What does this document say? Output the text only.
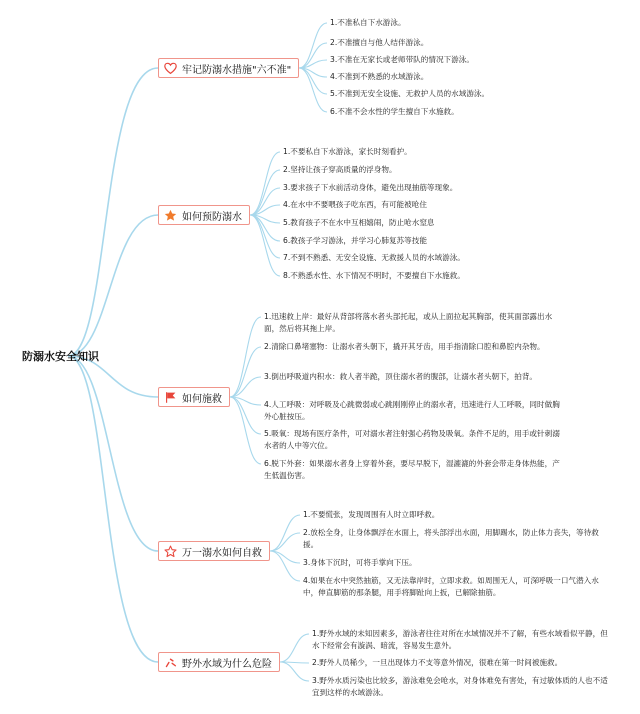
防溺水安全知识
牢记防溺水措施"六不准"
1.不准私自下水游泳。
2.不准擅自与他人结伴游泳。
3.不准在无家长或老师带队的情况下游泳。
4.不准到不熟悉的水域游泳。
5.不准到无安全设施、无救护人员的水域游泳。
6.不准不会水性的学生擅自下水施救。
如何预防溺水
1.不要私自下水游泳，家长时刻看护。
2.坚持让孩子穿高质量的浮身物。
3.要求孩子下水前活动身体，避免出现抽筋等现象。
4.在水中不要喂孩子吃东西，有可能被呛住
5.教育孩子不在水中互相嬉闹，防止呛水窒息
6.教孩子学习游泳，并学习心肺复苏等技能
7.不到不熟悉、无安全设施、无救援人员的水域游泳。
8.不熟悉水性、水下情况不明时，不要擅自下水施救。
如何施救
1.迅速救上岸：最好从背部将落水者头部托起，或从上面拉起其胸部，使其面部露出水面，然后将其拖上岸。
2.清除口鼻堵塞物：让溺水者头朝下，撬开其牙齿，用手指清除口腔和鼻腔内杂物。
3.倒出呼吸道内积水：救人者半跪，顶住溺水者的腹部，让溺水者头朝下，拍背。
4.人工呼吸：对呼吸及心跳微弱或心跳刚刚停止的溺水者，迅速进行人工呼吸，同时做胸外心脏按压。
5.吸氧：现场有医疗条件，可对溺水者注射强心药物及吸氧。条件不足的，用手或针刺溺水者的人中等穴位。
6.脱下外套：如果溺水者身上穿着外套，要尽早脱下，湿漉漉的外套会带走身体热能，产生低温伤害。
万一溺水如何自救
1.不要慌张，发现周围有人时立即呼救。
2.放松全身，让身体飘浮在水面上，将头部浮出水面，用脚踢水，防止体力丧失，等待救援。
3.身体下沉时，可将手掌向下压。
4.如果在水中突然抽筋，又无法靠岸时，立即求救。如周围无人，可深呼吸一口气潜入水中，伸直脚筋的那条腿，用手将脚趾向上扳，已解除抽筋。
野外水域为什么危险
1.野外水域的未知因素多，游泳者往往对所在水域情况并不了解，有些水域看似平静，但水下经常会有漩涡、暗流，容易发生意外。
2.野外人员稀少，一旦出现体力不支等意外情况，很难在第一时间被施救。
3.野外水质污染也比较多，游泳难免会呛水，对身体难免有害处，有过敏体质的人也不适宜到这样的水域游泳。
